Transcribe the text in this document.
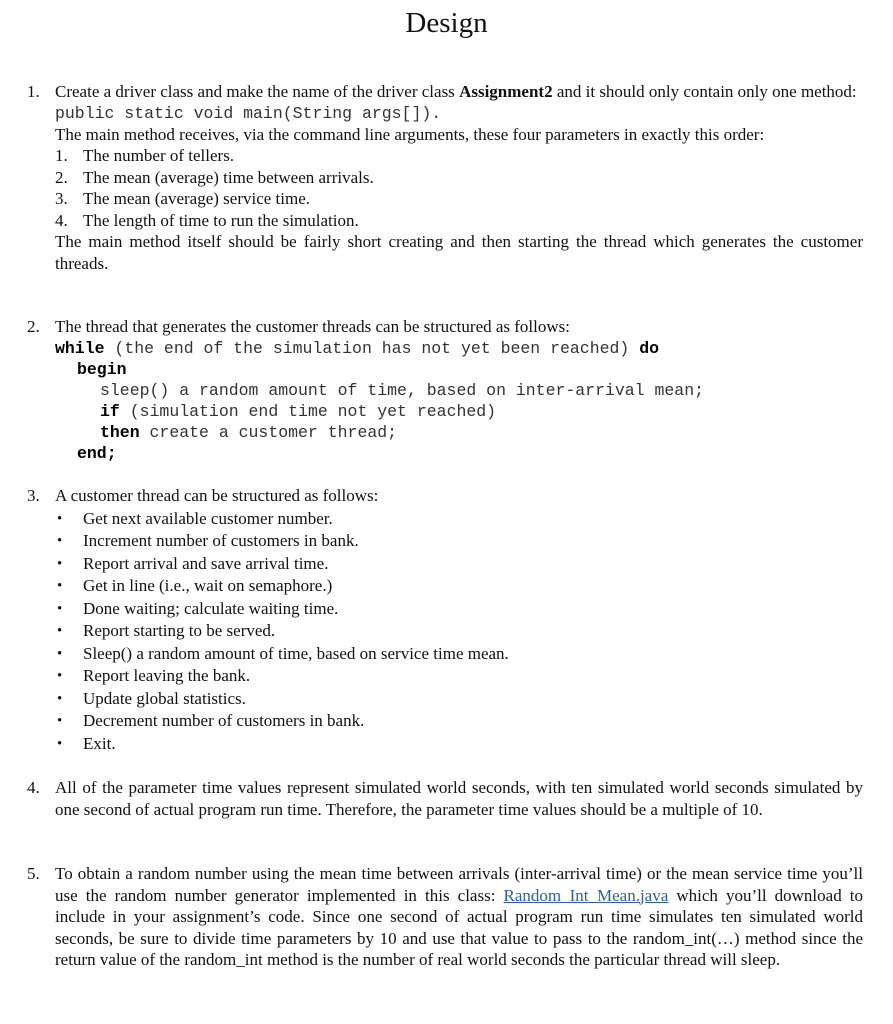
Design
1. Create a driver class and make the name of the driver class Assignment2 and it should only contain only one method:
public static void main(String args[]).
The main method receives, via the command line arguments, these four parameters in exactly this order:
1. The number of tellers.
2. The mean (average) time between arrivals.
3. The mean (average) service time.
4. The length of time to run the simulation.
The main method itself should be fairly short creating and then starting the thread which generates the customer threads.
2. The thread that generates the customer threads can be structured as follows:
while (the end of the simulation has not yet been reached) do
begin
sleep() a random amount of time, based on inter-arrival mean;
if (simulation end time not yet reached)
then create a customer thread;
end;
3. A customer thread can be structured as follows:
• Get next available customer number.
• Increment number of customers in bank.
• Report arrival and save arrival time.
• Get in line (i.e., wait on semaphore.)
• Done waiting; calculate waiting time.
• Report starting to be served.
• Sleep() a random amount of time, based on service time mean.
• Report leaving the bank.
• Update global statistics.
• Decrement number of customers in bank.
• Exit.
4. All of the parameter time values represent simulated world seconds, with ten simulated world seconds simulated by one second of actual program run time. Therefore, the parameter time values should be a multiple of 10.
5. To obtain a random number using the mean time between arrivals (inter-arrival time) or the mean service time you’ll use the random number generator implemented in this class: Random_Int_Mean.java which you’ll download to include in your assignment’s code. Since one second of actual program run time simulates ten simulated world seconds, be sure to divide time parameters by 10 and use that value to pass to the random_int(…) method since the return value of the random_int method is the number of real world seconds the particular thread will sleep.
